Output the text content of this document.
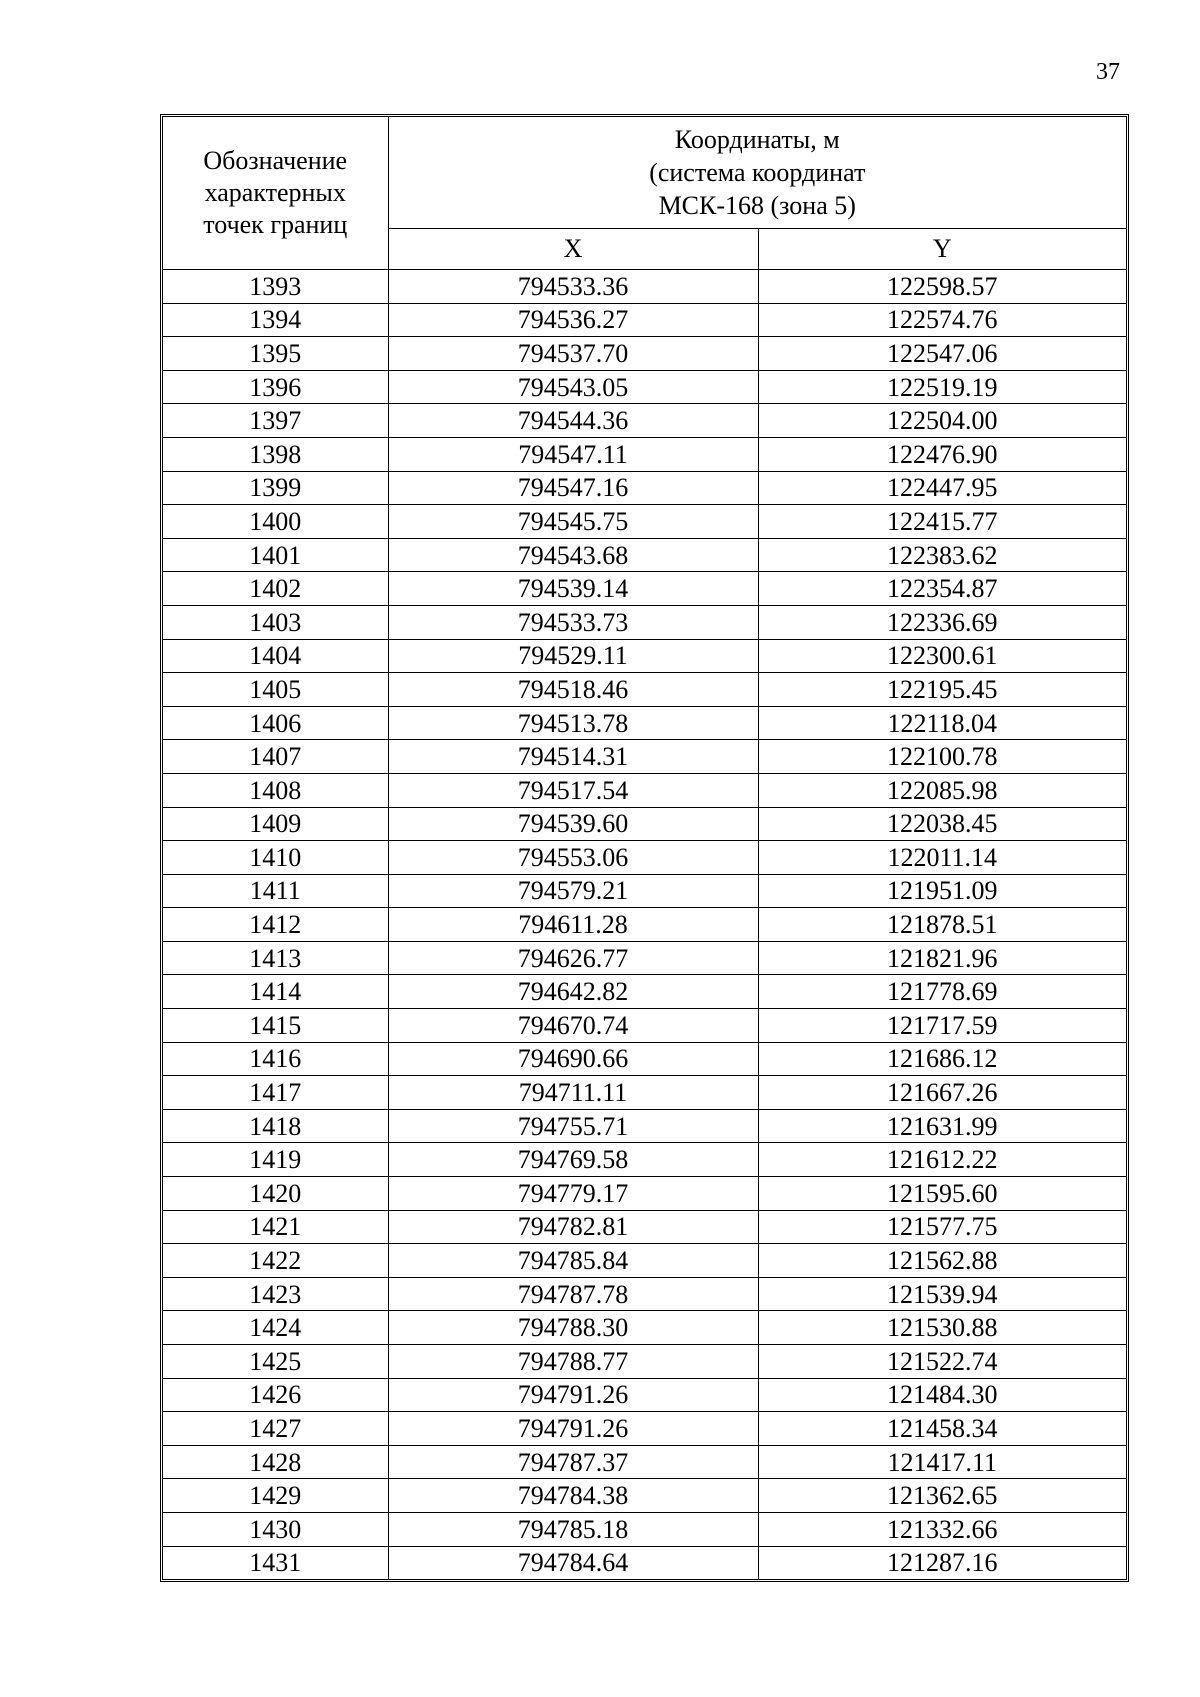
37
Обозначение
характерных
точек границ	Координаты, м
(система координат
МСК-168 (зона 5)	

	X	Y
1393	794533.36	122598.57
1394	794536.27	122574.76
1395	794537.70	122547.06
1396	794543.05	122519.19
1397	794544.36	122504.00
1398	794547.11	122476.90
1399	794547.16	122447.95
1400	794545.75	122415.77
1401	794543.68	122383.62
1402	794539.14	122354.87
1403	794533.73	122336.69
1404	794529.11	122300.61
1405	794518.46	122195.45
1406	794513.78	122118.04
1407	794514.31	122100.78
1408	794517.54	122085.98
1409	794539.60	122038.45
1410	794553.06	122011.14
1411	794579.21	121951.09
1412	794611.28	121878.51
1413	794626.77	121821.96
1414	794642.82	121778.69
1415	794670.74	121717.59
1416	794690.66	121686.12
1417	794711.11	121667.26
1418	794755.71	121631.99
1419	794769.58	121612.22
1420	794779.17	121595.60
1421	794782.81	121577.75
1422	794785.84	121562.88
1423	794787.78	121539.94
1424	794788.30	121530.88
1425	794788.77	121522.74
1426	794791.26	121484.30
1427	794791.26	121458.34
1428	794787.37	121417.11
1429	794784.38	121362.65
1430	794785.18	121332.66
1431	794784.64	121287.16
